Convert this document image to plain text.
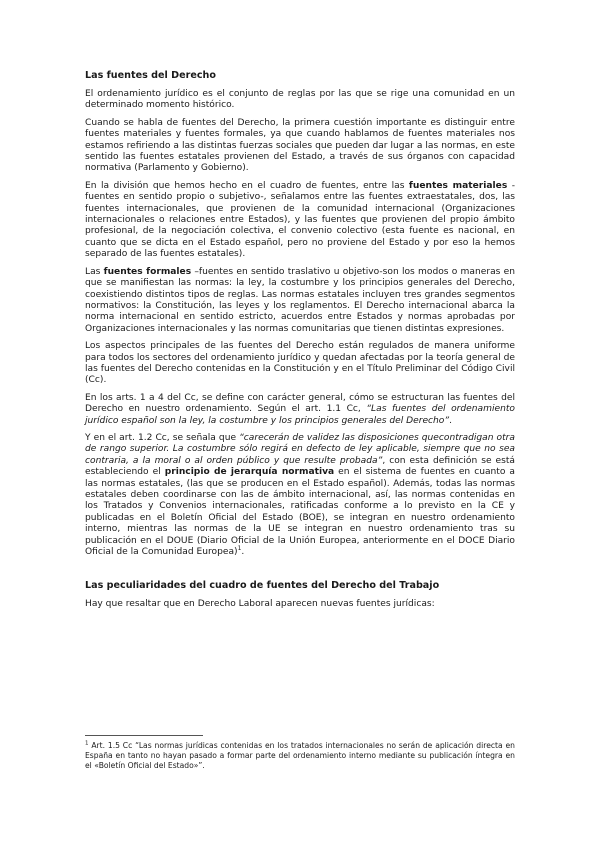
Las fuentes del Derecho

El ordenamiento jurídico es el conjunto de reglas por las que se rige una comunidad en un determinado momento histórico.

Cuando se habla de fuentes del Derecho, la primera cuestión importante es distinguir entre fuentes materiales y fuentes formales, ya que cuando hablamos de fuentes materiales nos estamos refiriendo a las distintas fuerzas sociales que pueden dar lugar a las normas, en este sentido las fuentes estatales provienen del Estado, a través de sus órganos con capacidad normativa (Parlamento y Gobierno).

En la división que hemos hecho en el cuadro de fuentes, entre las fuentes materiales -fuentes en sentido propio o subjetivo-, señalamos entre las fuentes extraestatales, dos, las fuentes internacionales, que provienen de la comunidad internacional (Organizaciones internacionales o relaciones entre Estados), y las fuentes que provienen del propio ámbito profesional, de la negociación colectiva, el convenio colectivo (esta fuente es nacional, en cuanto que se dicta en el Estado español, pero no proviene del Estado y por eso la hemos separado de las fuentes estatales).

Las fuentes formales –fuentes en sentido traslativo u objetivo-son los modos o maneras en que se manifiestan las normas: la ley, la costumbre y los principios generales del Derecho, coexistiendo distintos tipos de reglas. Las normas estatales incluyen tres grandes segmentos normativos: la Constitución, las leyes y los reglamentos. El Derecho internacional abarca la norma internacional en sentido estricto, acuerdos entre Estados y normas aprobadas por Organizaciones internacionales y las normas comunitarias que tienen distintas expresiones.

Los aspectos principales de las fuentes del Derecho están regulados de manera uniforme para todos los sectores del ordenamiento jurídico y quedan afectadas por la teoría general de las fuentes del Derecho contenidas en la Constitución y en el Título Preliminar del Código Civil (Cc).

En los arts. 1 a 4 del Cc, se define con carácter general, cómo se estructuran las fuentes del Derecho en nuestro ordenamiento. Según el art. 1.1 Cc, “Las fuentes del ordenamiento jurídico español son la ley, la costumbre y los principios generales del Derecho”.

Y en el art. 1.2 Cc, se señala que “carecerán de validez las disposiciones quecontradigan otra de rango superior. La costumbre sólo regirá en defecto de ley aplicable, siempre que no sea contraria, a la moral o al orden público y que resulte probada”, con esta definición se está estableciendo el principio de jerarquía normativa en el sistema de fuentes en cuanto a las normas estatales, (las que se producen en el Estado español). Además, todas las normas estatales deben coordinarse con las de ámbito internacional, así, las normas contenidas en los Tratados y Convenios internacionales, ratificadas conforme a lo previsto en la CE y publicadas en el Boletín Oficial del Estado (BOE), se integran en nuestro ordenamiento interno, mientras las normas de la UE se integran en nuestro ordenamiento tras su publicación en el DOUE (Diario Oficial de la Unión Europea, anteriormente en el DOCE Diario Oficial de la Comunidad Europea)$^1$.

Las peculiaridades del cuadro de fuentes del Derecho del Trabajo

Hay que resaltar que en Derecho Laboral aparecen nuevas fuentes jurídicas:

$^1$ Art. 1.5 Cc “Las normas jurídicas contenidas en los tratados internacionales no serán de aplicación directa en España en tanto no hayan pasado a formar parte del ordenamiento interno mediante su publicación íntegra en el «Boletín Oficial del Estado»”.
